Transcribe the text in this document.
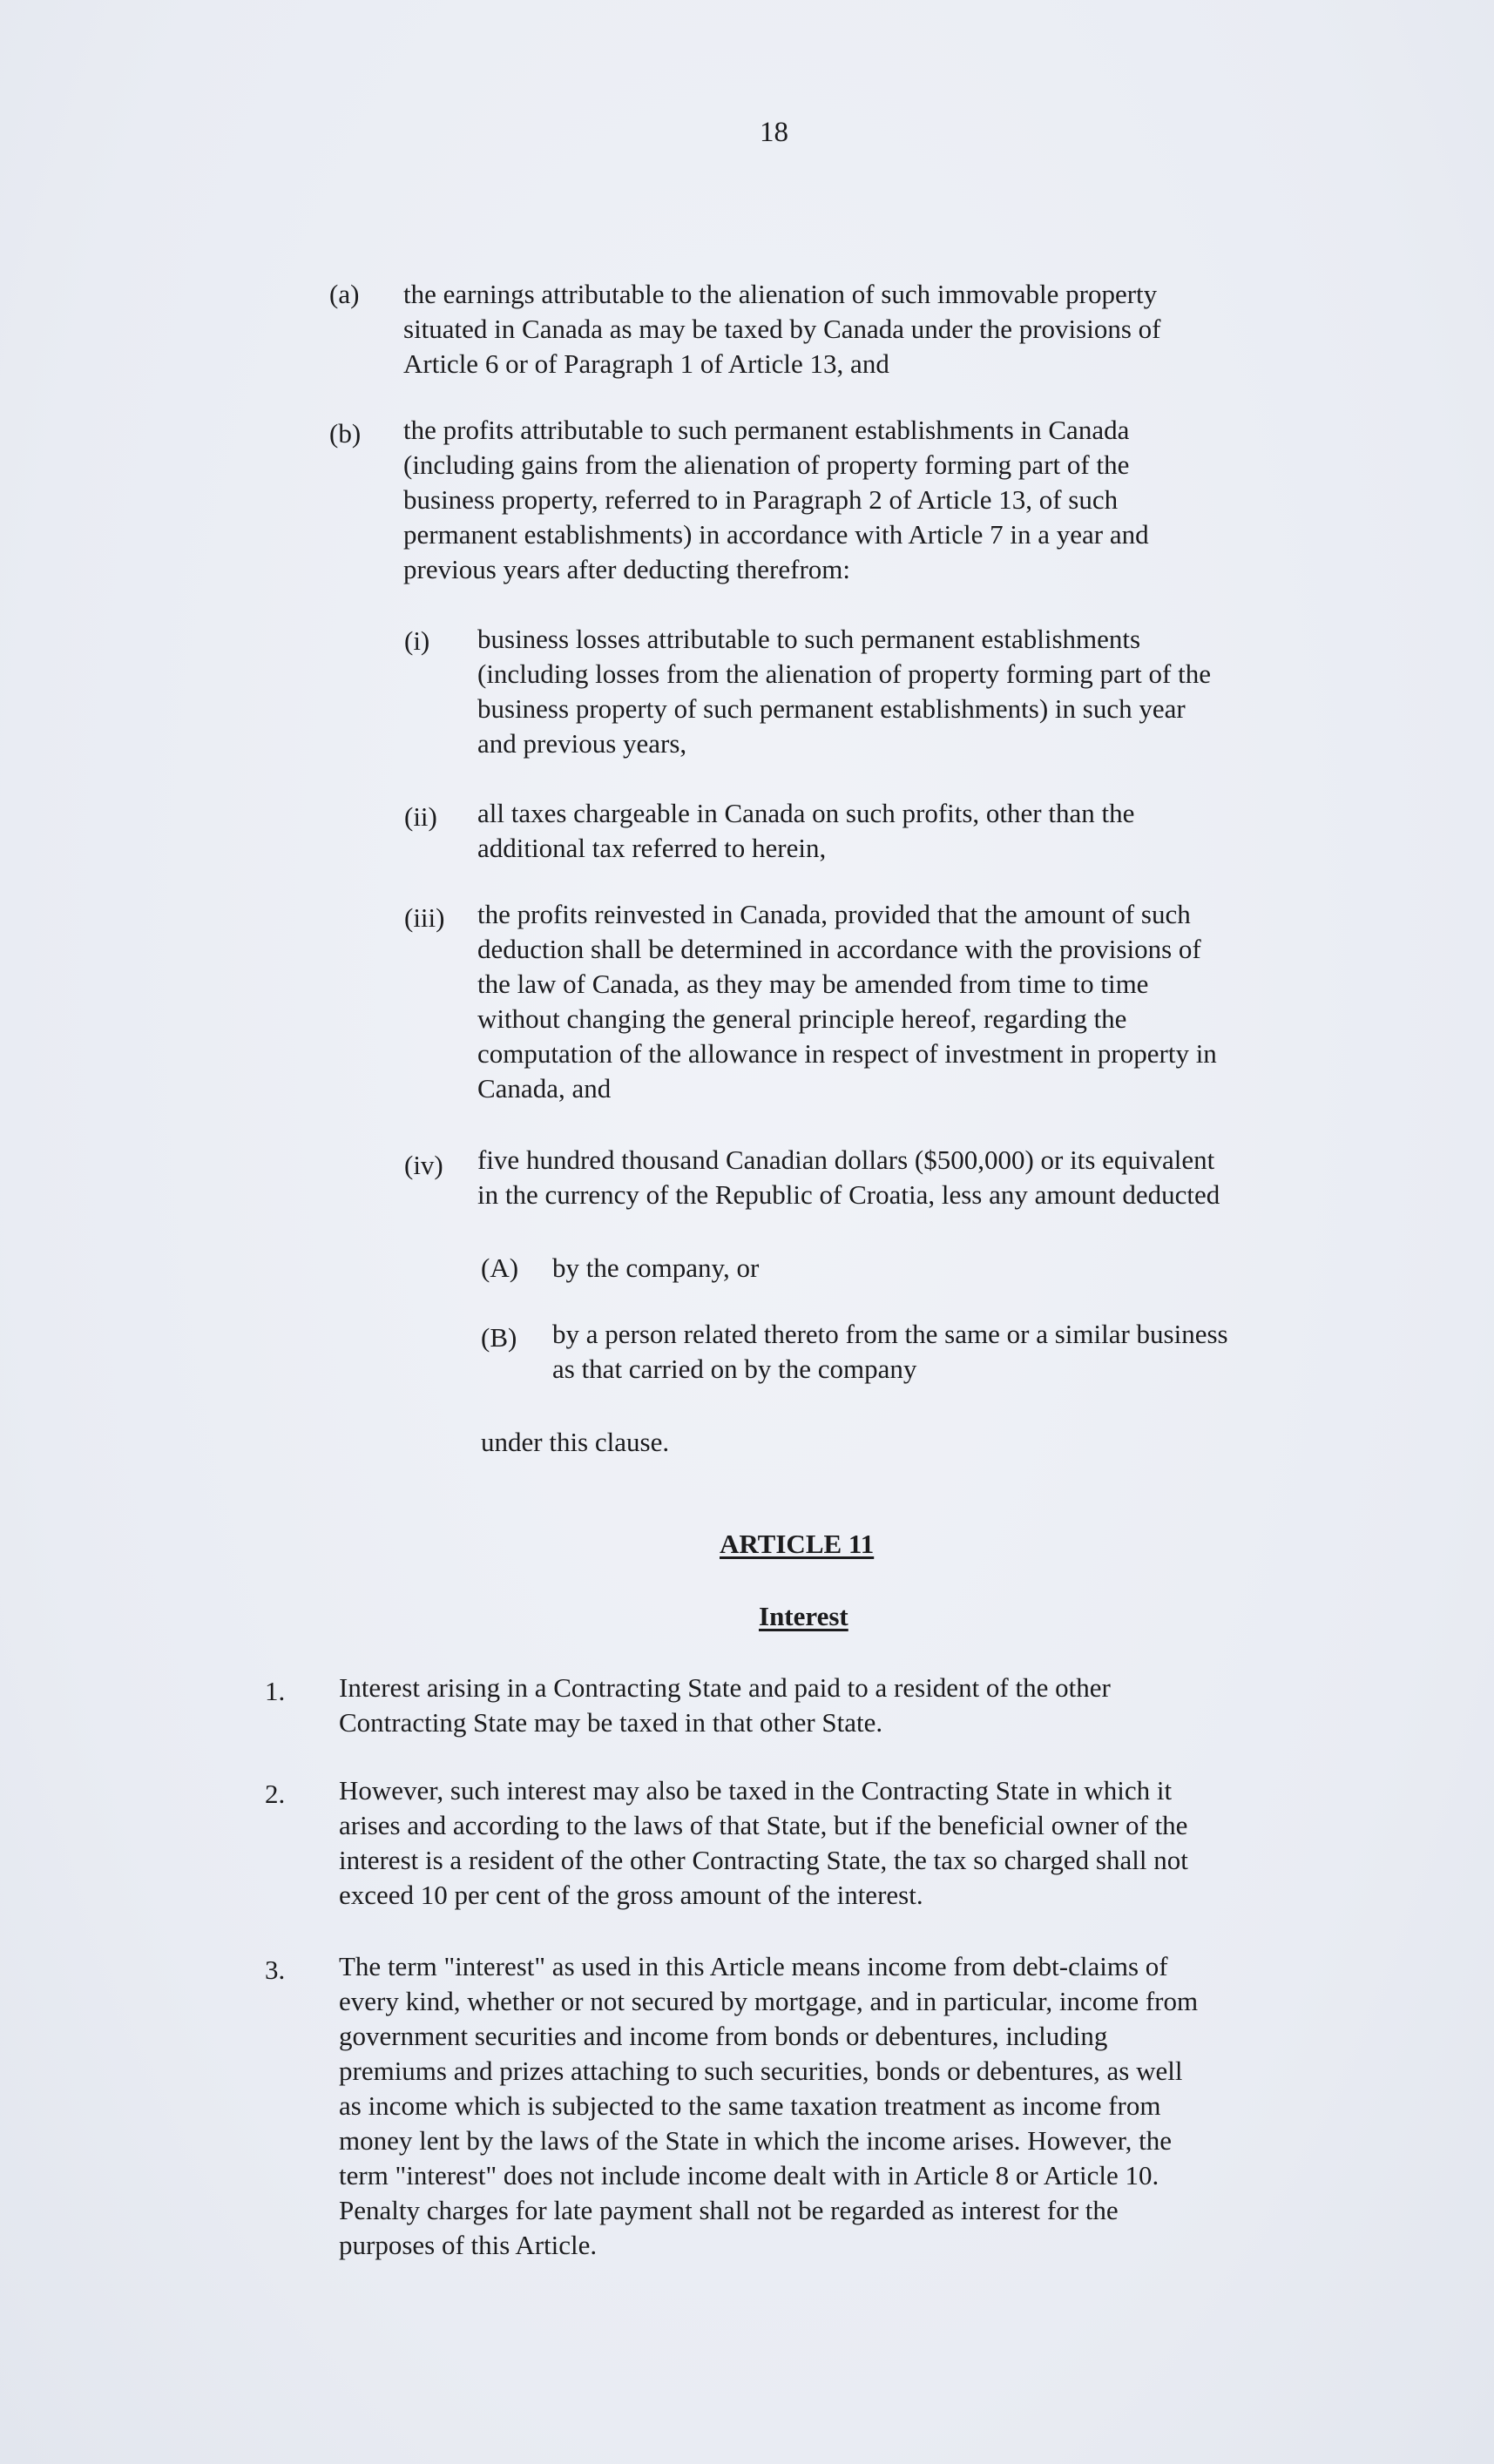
18
(a) the earnings attributable to the alienation of such immovable property
situated in Canada as may be taxed by Canada under the provisions of
Article 6 or of Paragraph 1 of Article 13, and
(b) the profits attributable to such permanent establishments in Canada
(including gains from the alienation of property forming part of the
business property, referred to in Paragraph 2 of Article 13, of such
permanent establishments) in accordance with Article 7 in a year and
previous years after deducting therefrom:
(i) business losses attributable to such permanent establishments
(including losses from the alienation of property forming part of the
business property of such permanent establishments) in such year
and previous years,
(ii) all taxes chargeable in Canada on such profits, other than the
additional tax referred to herein,
(iii) the profits reinvested in Canada, provided that the amount of such
deduction shall be determined in accordance with the provisions of
the law of Canada, as they may be amended from time to time
without changing the general principle hereof, regarding the
computation of the allowance in respect of investment in property in
Canada, and
(iv) five hundred thousand Canadian dollars ($500,000) or its equivalent
in the currency of the Republic of Croatia, less any amount deducted
(A) by the company, or
(B) by a person related thereto from the same or a similar business
as that carried on by the company
under this clause.
ARTICLE 11
Interest
1. Interest arising in a Contracting State and paid to a resident of the other
Contracting State may be taxed in that other State.
2. However, such interest may also be taxed in the Contracting State in which it
arises and according to the laws of that State, but if the beneficial owner of the
interest is a resident of the other Contracting State, the tax so charged shall not
exceed 10 per cent of the gross amount of the interest.
3. The term "interest" as used in this Article means income from debt-claims of
every kind, whether or not secured by mortgage, and in particular, income from
government securities and income from bonds or debentures, including
premiums and prizes attaching to such securities, bonds or debentures, as well
as income which is subjected to the same taxation treatment as income from
money lent by the laws of the State in which the income arises. However, the
term "interest" does not include income dealt with in Article 8 or Article 10.
Penalty charges for late payment shall not be regarded as interest for the
purposes of this Article.
